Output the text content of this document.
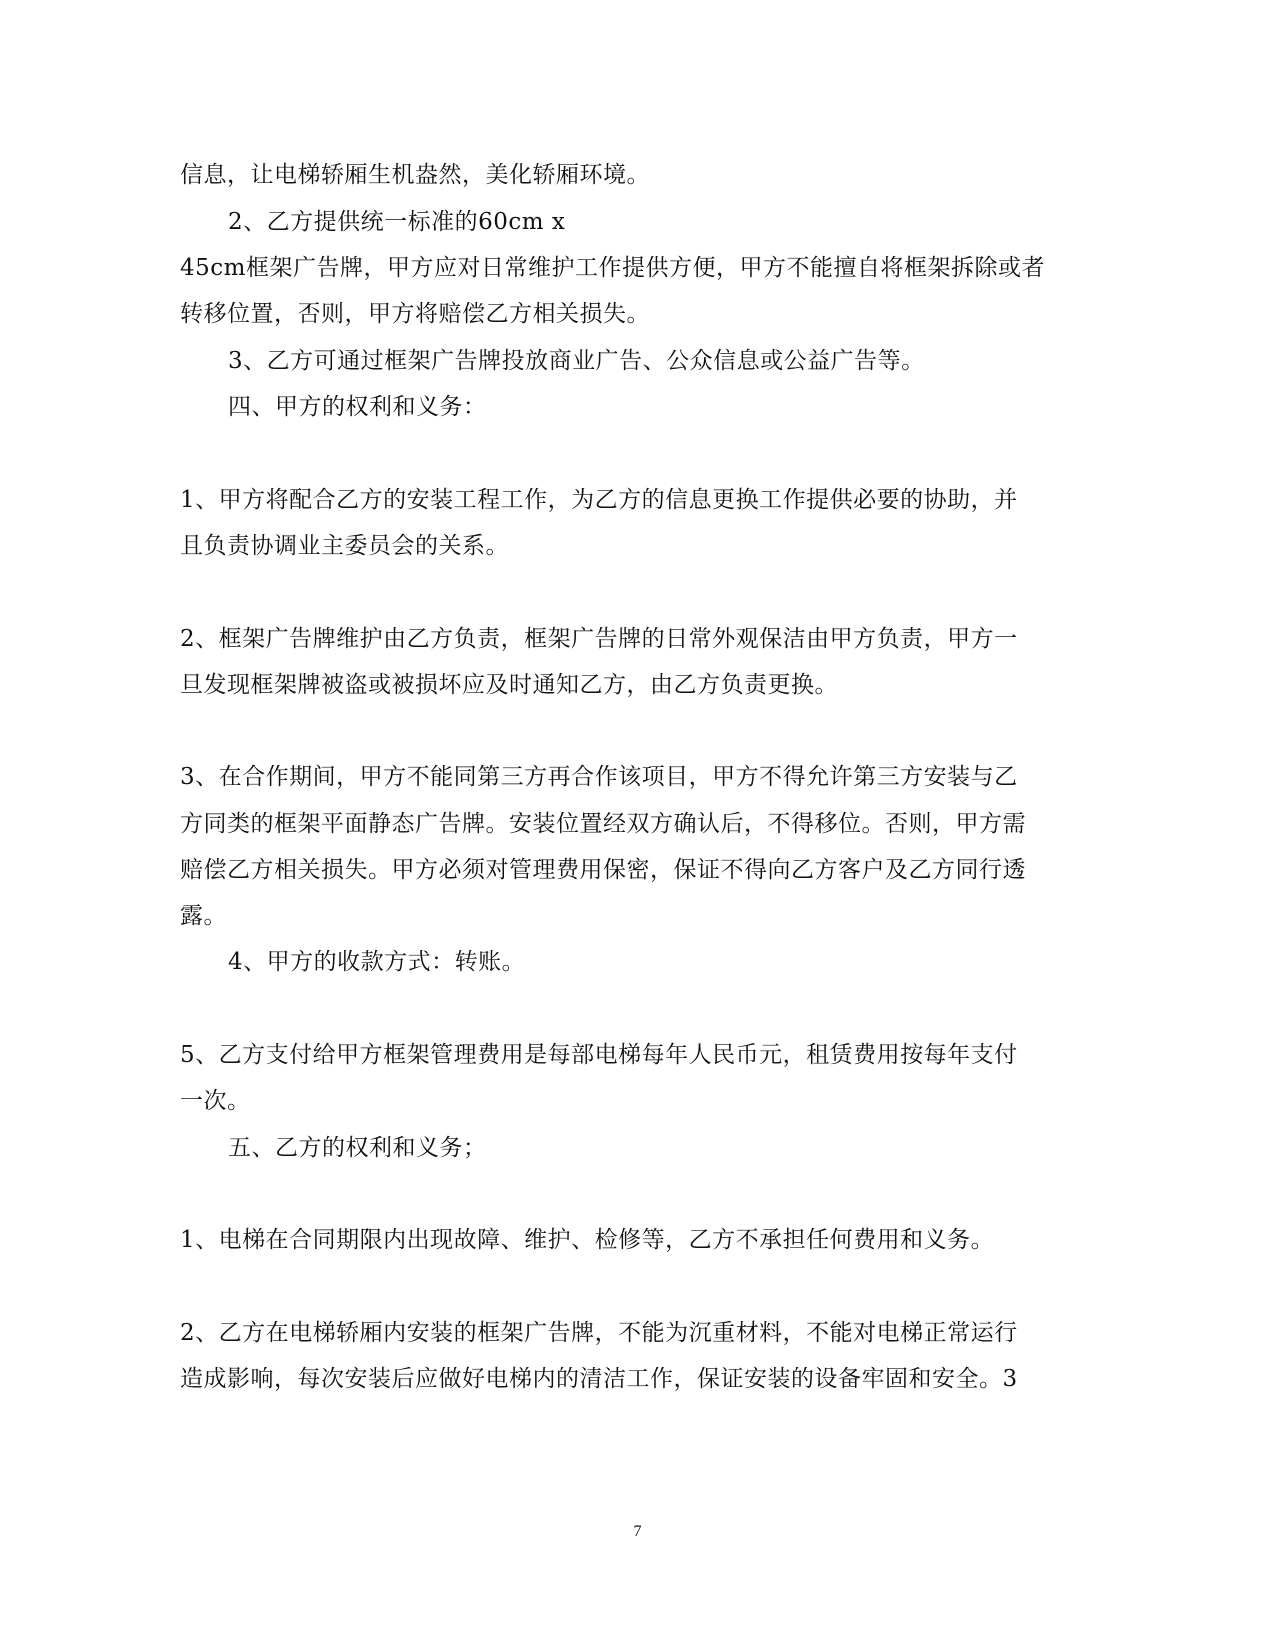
信息，让电梯轿厢生机盎然，美化轿厢环境。
2、乙方提供统一标准的60cm x
45cm框架广告牌，甲方应对日常维护工作提供方便，甲方不能擅自将框架拆除或者
转移位置，否则，甲方将赔偿乙方相关损失。
3、乙方可通过框架广告牌投放商业广告、公众信息或公益广告等。
四、甲方的权利和义务：
1、甲方将配合乙方的安装工程工作，为乙方的信息更换工作提供必要的协助，并
且负责协调业主委员会的关系。
2、框架广告牌维护由乙方负责，框架广告牌的日常外观保洁由甲方负责，甲方一
旦发现框架牌被盗或被损坏应及时通知乙方，由乙方负责更换。
3、在合作期间，甲方不能同第三方再合作该项目，甲方不得允许第三方安装与乙
方同类的框架平面静态广告牌。安装位置经双方确认后，不得移位。否则，甲方需
赔偿乙方相关损失。甲方必须对管理费用保密，保证不得向乙方客户及乙方同行透
露。
4、甲方的收款方式：转账。
5、乙方支付给甲方框架管理费用是每部电梯每年人民币元，租赁费用按每年支付
一次。
五、乙方的权利和义务；
1、电梯在合同期限内出现故障、维护、检修等，乙方不承担任何费用和义务。
2、乙方在电梯轿厢内安装的框架广告牌，不能为沉重材料，不能对电梯正常运行
造成影响，每次安装后应做好电梯内的清洁工作，保证安装的设备牢固和安全。3
7
